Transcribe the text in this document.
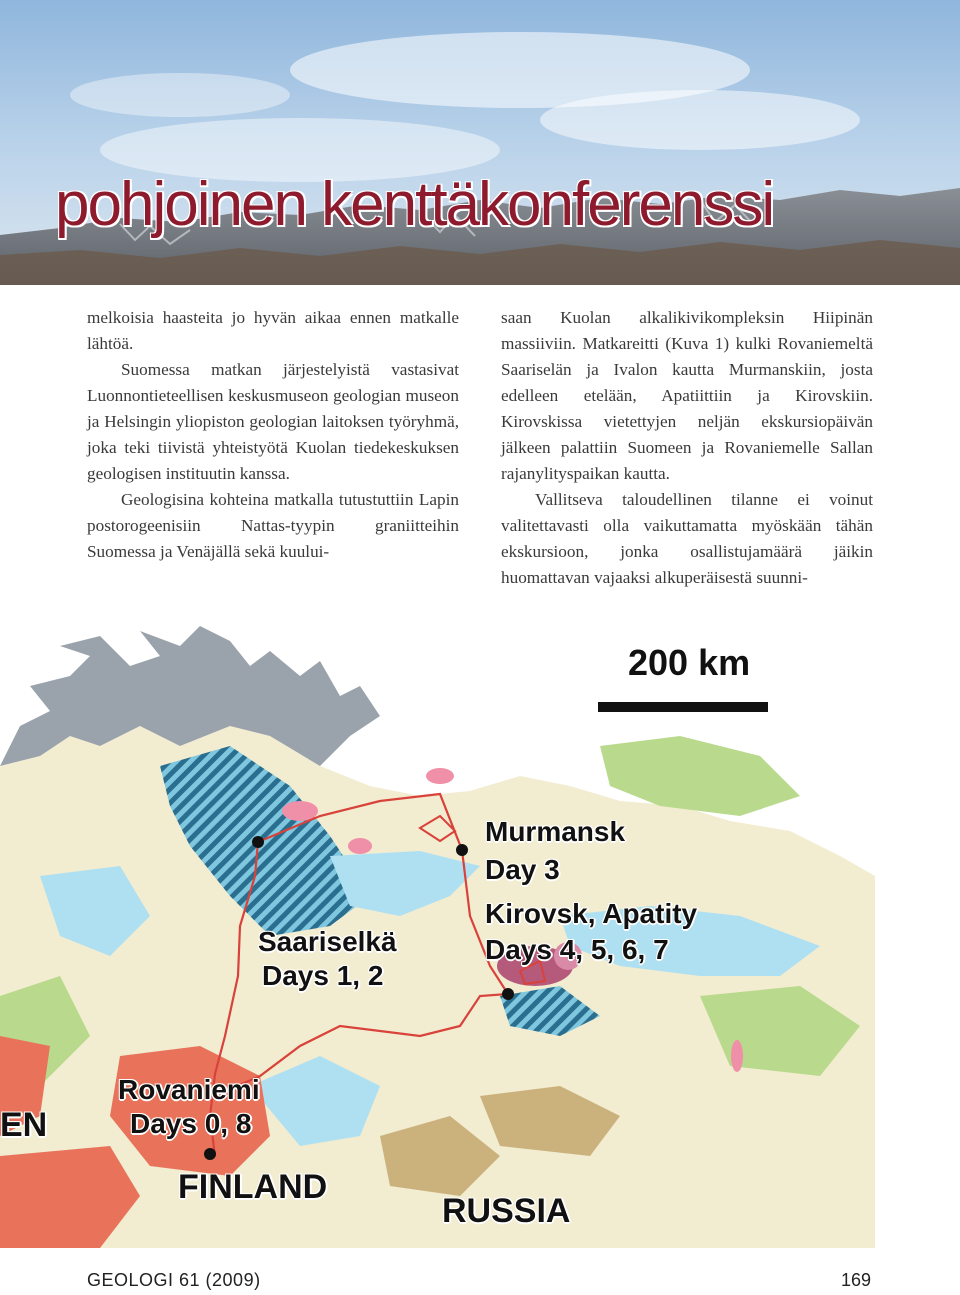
pohjoinen kenttäkonferenssi

melkoisia haasteita jo hyvän aikaa ennen matkalle lähtöä.

Suomessa matkan järjestelyistä vastasivat Luonnontieteellisen keskusmuseon geologian museon ja Helsingin yliopiston geologian laitoksen työryhmä, joka teki tiivistä yhteistyötä Kuolan tiedekeskuksen geologisen instituutin kanssa.

Geologisina kohteina matkalla tutustuttiin Lapin postorogeenisiin Nattas-tyypin graniitteihin Suomessa ja Venäjällä sekä kuului-

saan Kuolan alkalikivikompleksin Hiipinän massiiviin. Matkareitti (Kuva 1) kulki Rovaniemeltä Saariselän ja Ivalon kautta Murmanskiin, josta edelleen etelään, Apatiittiin ja Kirovskiin. Kirovskissa vietettyjen neljän ekskursiopäivän jälkeen palattiin Suomeen ja Rovaniemelle Sallan rajanylityspaikan kautta.

Vallitseva taloudellinen tilanne ei voinut valitettavasti olla vaikuttamatta myöskään tähän ekskursioon, jonka osallistujamäärä jäikin huomattavan vajaaksi alkuperäisestä suunni-

200 km
Murmansk
Day 3
Kirovsk, Apatity
Days 4, 5, 6, 7
Saariselkä
Days 1, 2
Rovaniemi
Days 0, 8
FINLAND
RUSSIA
EN
GEOLOGI 61 (2009)	169
